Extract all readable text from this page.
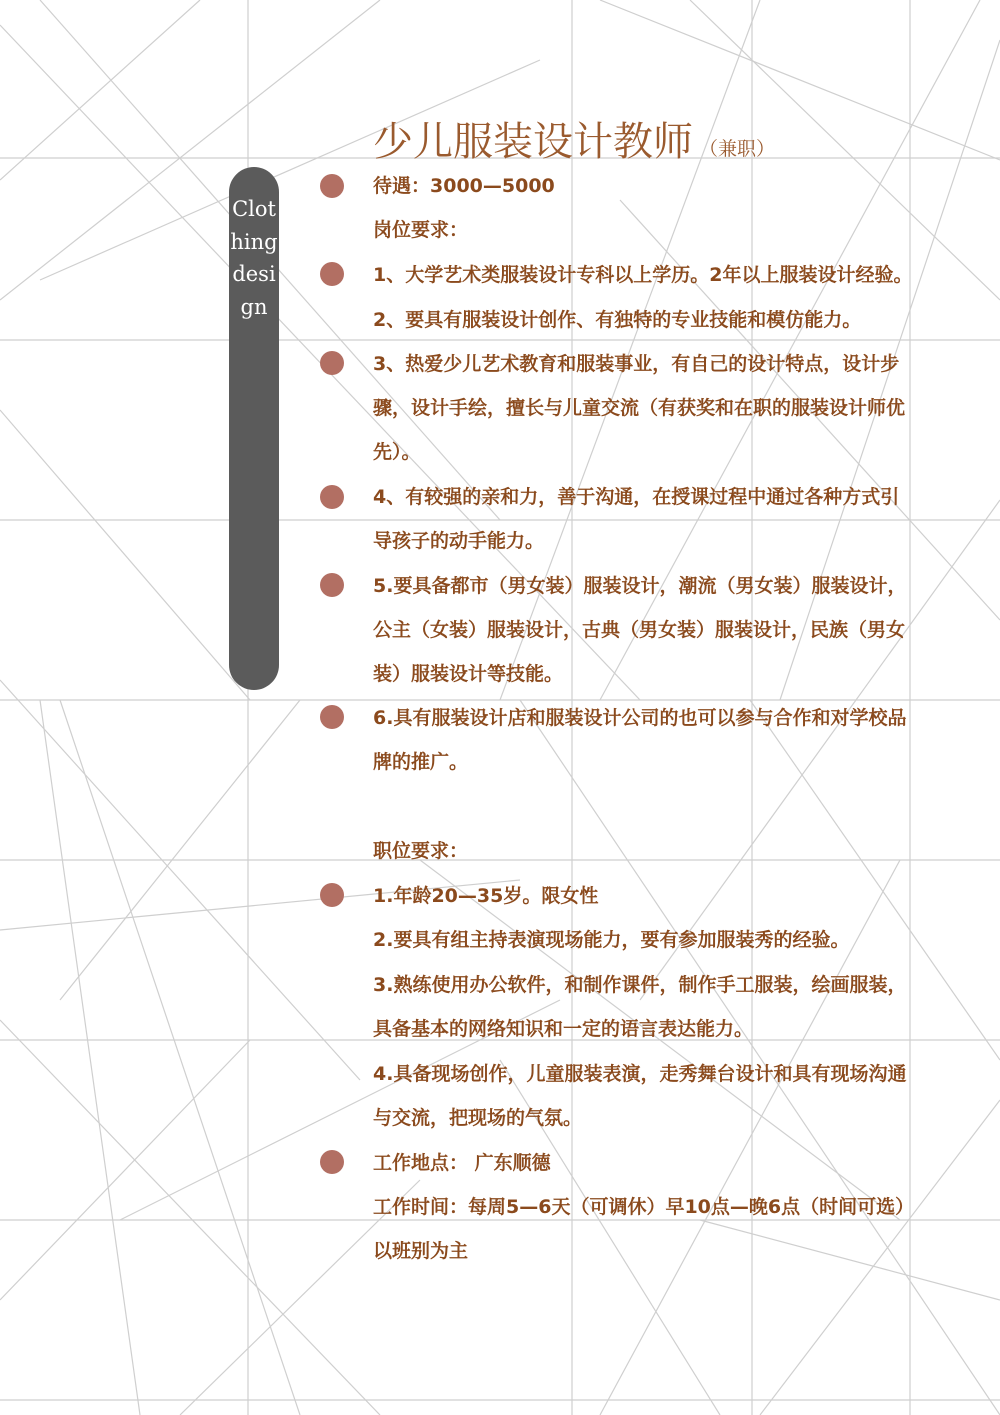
Clothing design
少儿服装设计教师 （兼职）
待遇：3000—5000
岗位要求：
1、大学艺术类服装设计专科以上学历。2年以上服装设计经验。
2、要具有服装设计创作、有独特的专业技能和模仿能力。
3、热爱少儿艺术教育和服装事业，有自己的设计特点，设计步
骤，设计手绘，擅长与儿童交流（有获奖和在职的服装设计师优
先）。
4、有较强的亲和力，善于沟通，在授课过程中通过各种方式引
导孩子的动手能力。
5.要具备都市（男女装）服装设计，潮流（男女装）服装设计，
公主（女装）服装设计，古典（男女装）服装设计，民族（男女
装）服装设计等技能。
6.具有服装设计店和服装设计公司的也可以参与合作和对学校品
牌的推广。
职位要求：
1.年龄20—35岁。限女性
2.要具有组主持表演现场能力，要有参加服装秀的经验。
3.熟练使用办公软件，和制作课件，制作手工服装，绘画服装，
具备基本的网络知识和一定的语言表达能力。
4.具备现场创作，儿童服装表演，走秀舞台设计和具有现场沟通
与交流，把现场的气氛。
工作地点： 广东顺德
工作时间：每周5—6天（可调休）早10点—晚6点（时间可选）
以班别为主
